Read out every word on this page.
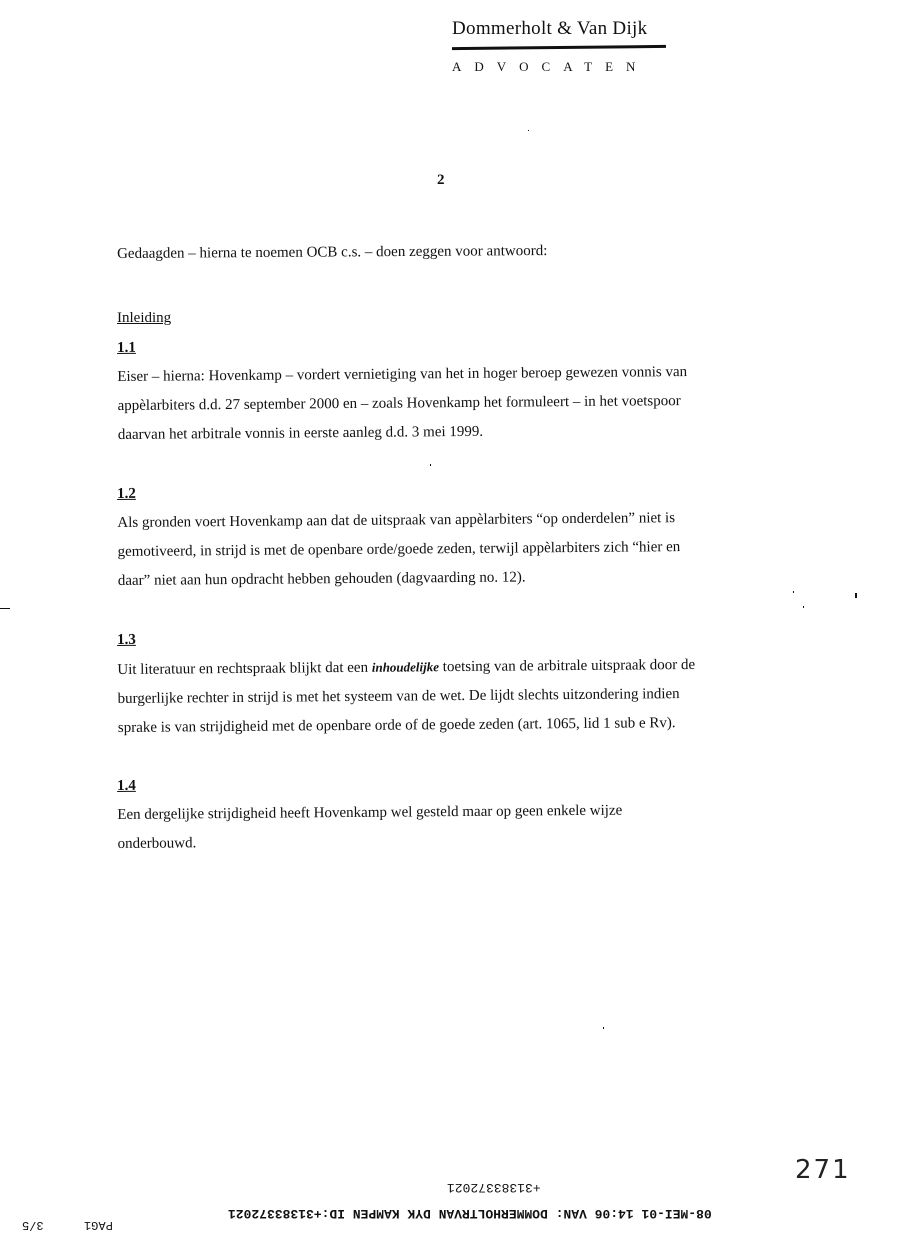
Dommerholt & Van Dijk
ADVOCATEN
2
Gedaagden – hierna te noemen OCB c.s. – doen zeggen voor antwoord:
Inleiding
1.1
Eiser – hierna: Hovenkamp – vordert vernietiging van het in hoger beroep gewezen vonnis van
appèlarbiters d.d. 27 september 2000 en – zoals Hovenkamp het formuleert – in het voetspoor
daarvan het arbitrale vonnis in eerste aanleg d.d. 3 mei 1999.
1.2
Als gronden voert Hovenkamp aan dat de uitspraak van appèlarbiters “op onderdelen” niet is
gemotiveerd, in strijd is met de openbare orde/goede zeden, terwijl appèlarbiters zich “hier en
daar” niet aan hun opdracht hebben gehouden (dagvaarding no. 12).
1.3
Uit literatuur en rechtspraak blijkt dat een inhoudelijke toetsing van de arbitrale uitspraak door de
burgerlijke rechter in strijd is met het systeem van de wet. De lijdt slechts uitzondering indien
sprake is van strijdigheid met de openbare orde of de goede zeden (art. 1065, lid 1 sub e Rv).
1.4
Een dergelijke strijdigheid heeft Hovenkamp wel gesteld maar op geen enkele wijze
onderbouwd.
271
+31383372021
08-MEI-01 14:06 VAN: DOMMERHOLTRVAN DYK KAMPEN ID:+31383372021
PAG1
3/5
